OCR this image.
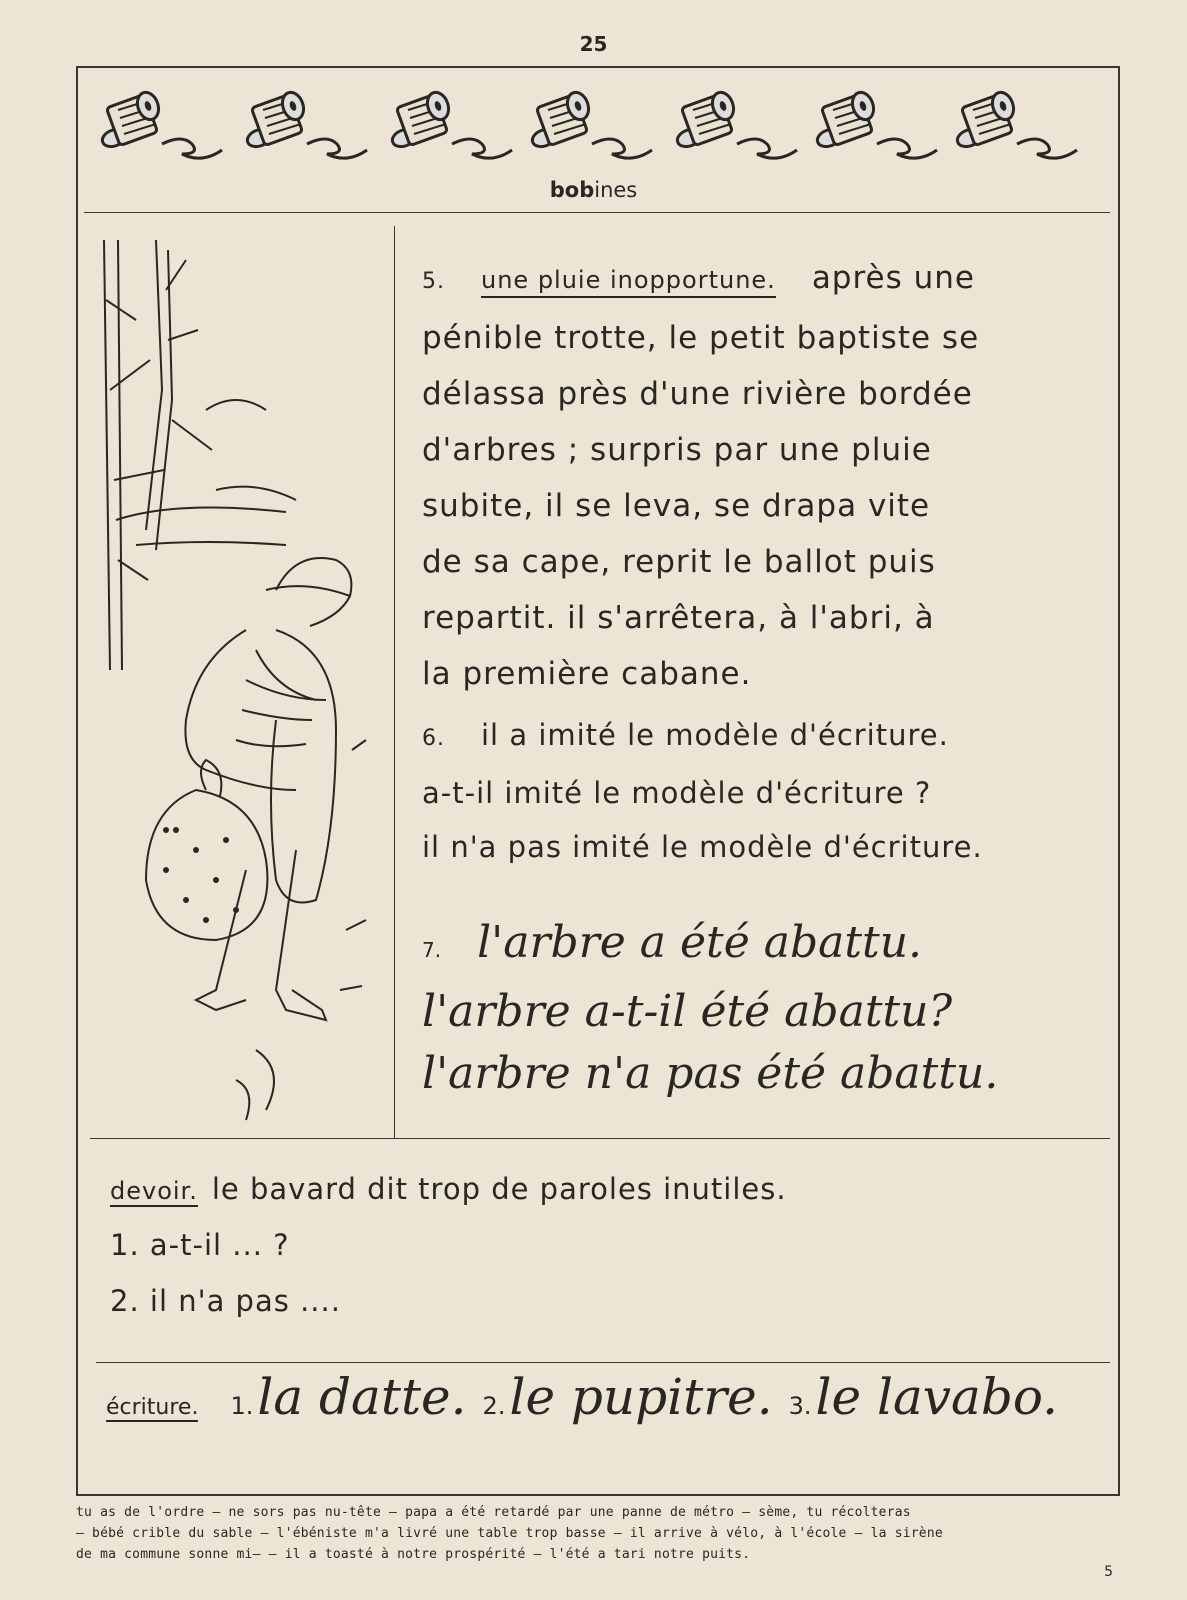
25
bobines
5. une pluie inopportune. après une
pénible trotte, le petit baptiste se
délassa près d'une rivière bordée
d'arbres ; surpris par une pluie
subite, il se leva, se drapa vite
de sa cape, reprit le ballot puis
repartit. il s'arrêtera, à l'abri, à
la première cabane.
6. il a imité le modèle d'écriture.
a-t-il imité le modèle d'écriture ?
il n'a pas imité le modèle d'écriture.
7. l'arbre a été abattu.
l'arbre a-t-il été abattu?
l'arbre n'a pas été abattu.
devoir. le bavard dit trop de paroles inutiles.
1. a-t-il ... ?
2. il n'a pas ....
écriture. 1.la datte. 2.le pupitre. 3.le lavabo.
tu as de l'ordre — ne sors pas nu-tête — papa a été retardé par une panne de métro — sème, tu récolteras
— bébé crible du sable — l'ébéniste m'a livré une table trop basse — il arrive à vélo, à l'école — la sirène
de ma commune sonne mi— — il a toasté à notre prospérité — l'été a tari notre puits.
5
